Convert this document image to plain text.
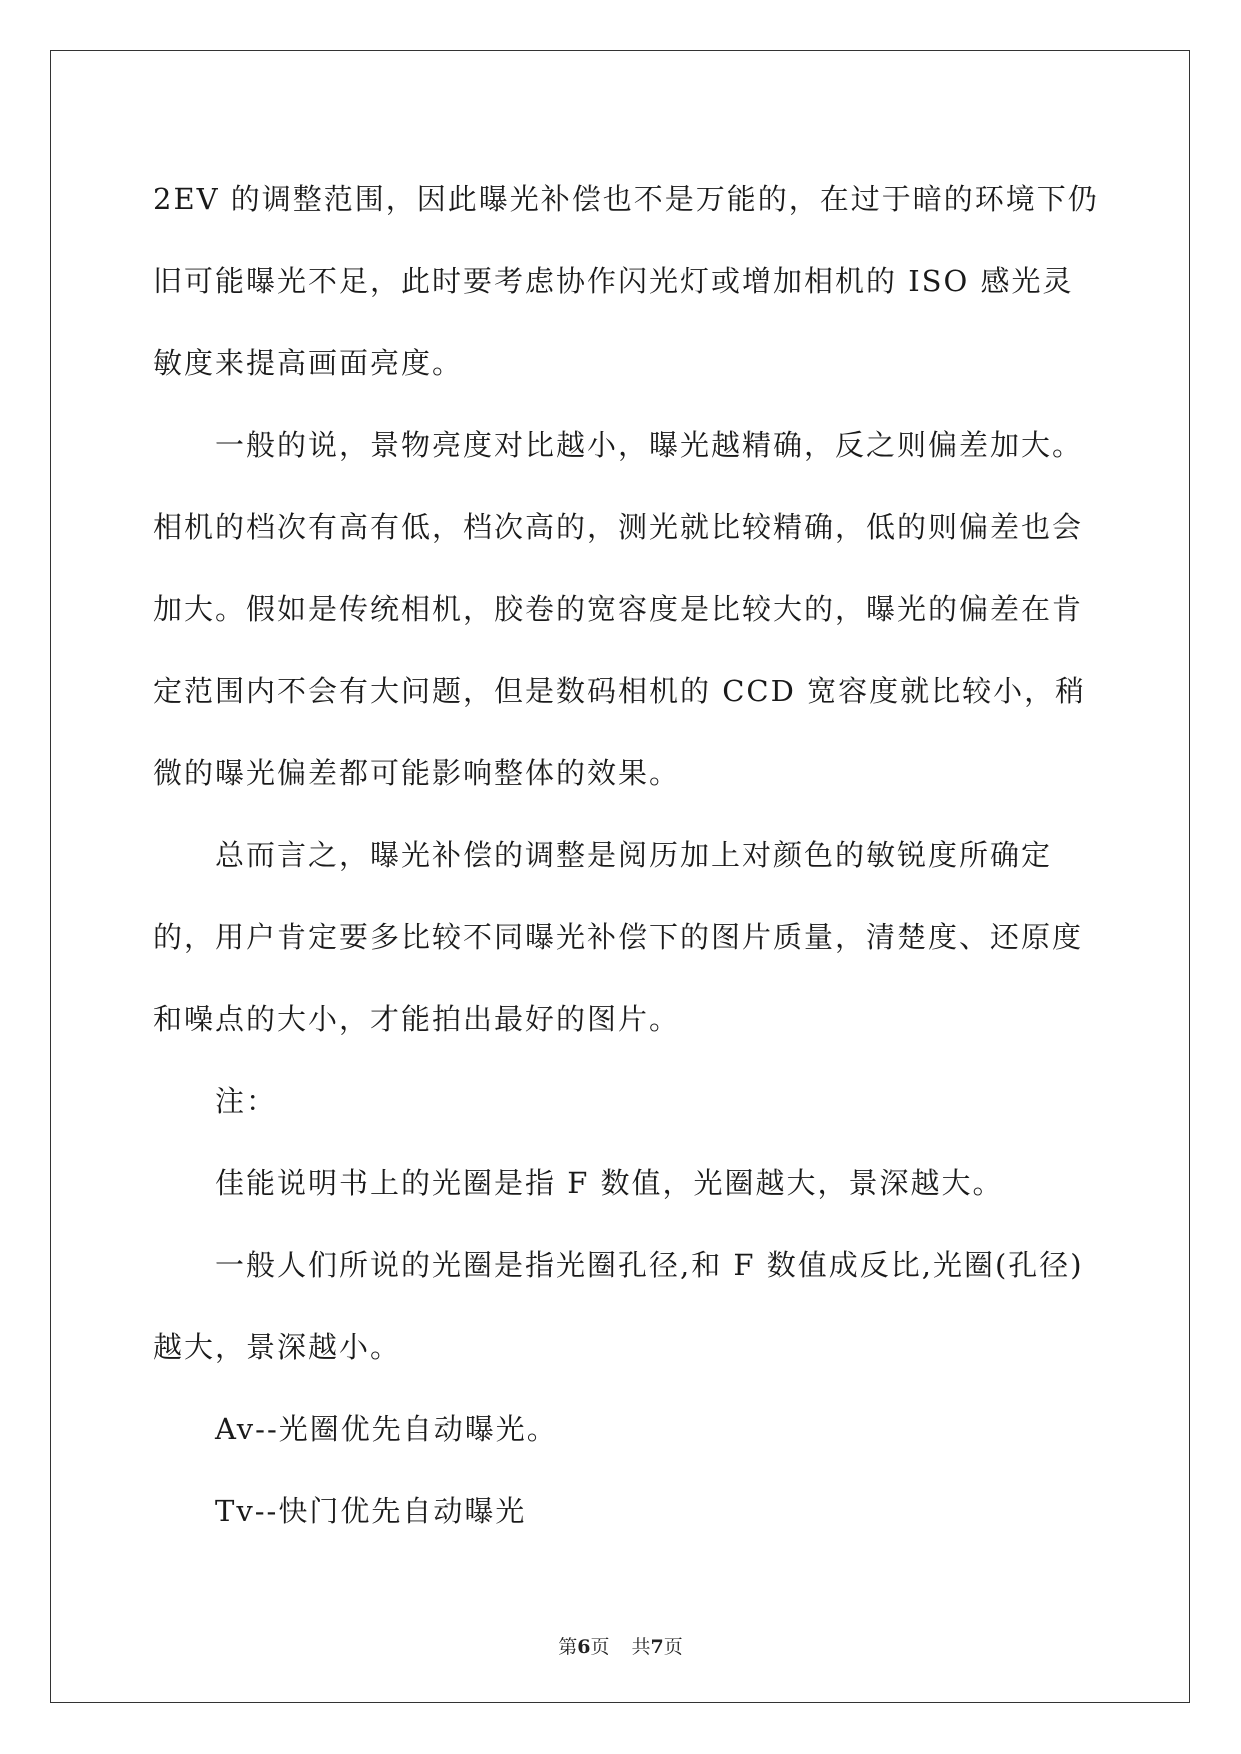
2EV 的调整范围，因此曝光补偿也不是万能的，在过于暗的环境下仍旧可能曝光不足，此时要考虑协作闪光灯或增加相机的 ISO 感光灵敏度来提高画面亮度。

一般的说，景物亮度对比越小，曝光越精确，反之则偏差加大。相机的档次有高有低，档次高的，测光就比较精确，低的则偏差也会加大。假如是传统相机，胶卷的宽容度是比较大的，曝光的偏差在肯定范围内不会有大问题，但是数码相机的 CCD 宽容度就比较小，稍微的曝光偏差都可能影响整体的效果。

总而言之，曝光补偿的调整是阅历加上对颜色的敏锐度所确定的，用户肯定要多比较不同曝光补偿下的图片质量，清楚度、还原度和噪点的大小，才能拍出最好的图片。

注：

佳能说明书上的光圈是指 F 数值，光圈越大，景深越大。

一般人们所说的光圈是指光圈孔径,和 F 数值成反比,光圈(孔径)越大，景深越小。

Av--光圈优先自动曝光。

Tv--快门优先自动曝光

第6页 共7页
